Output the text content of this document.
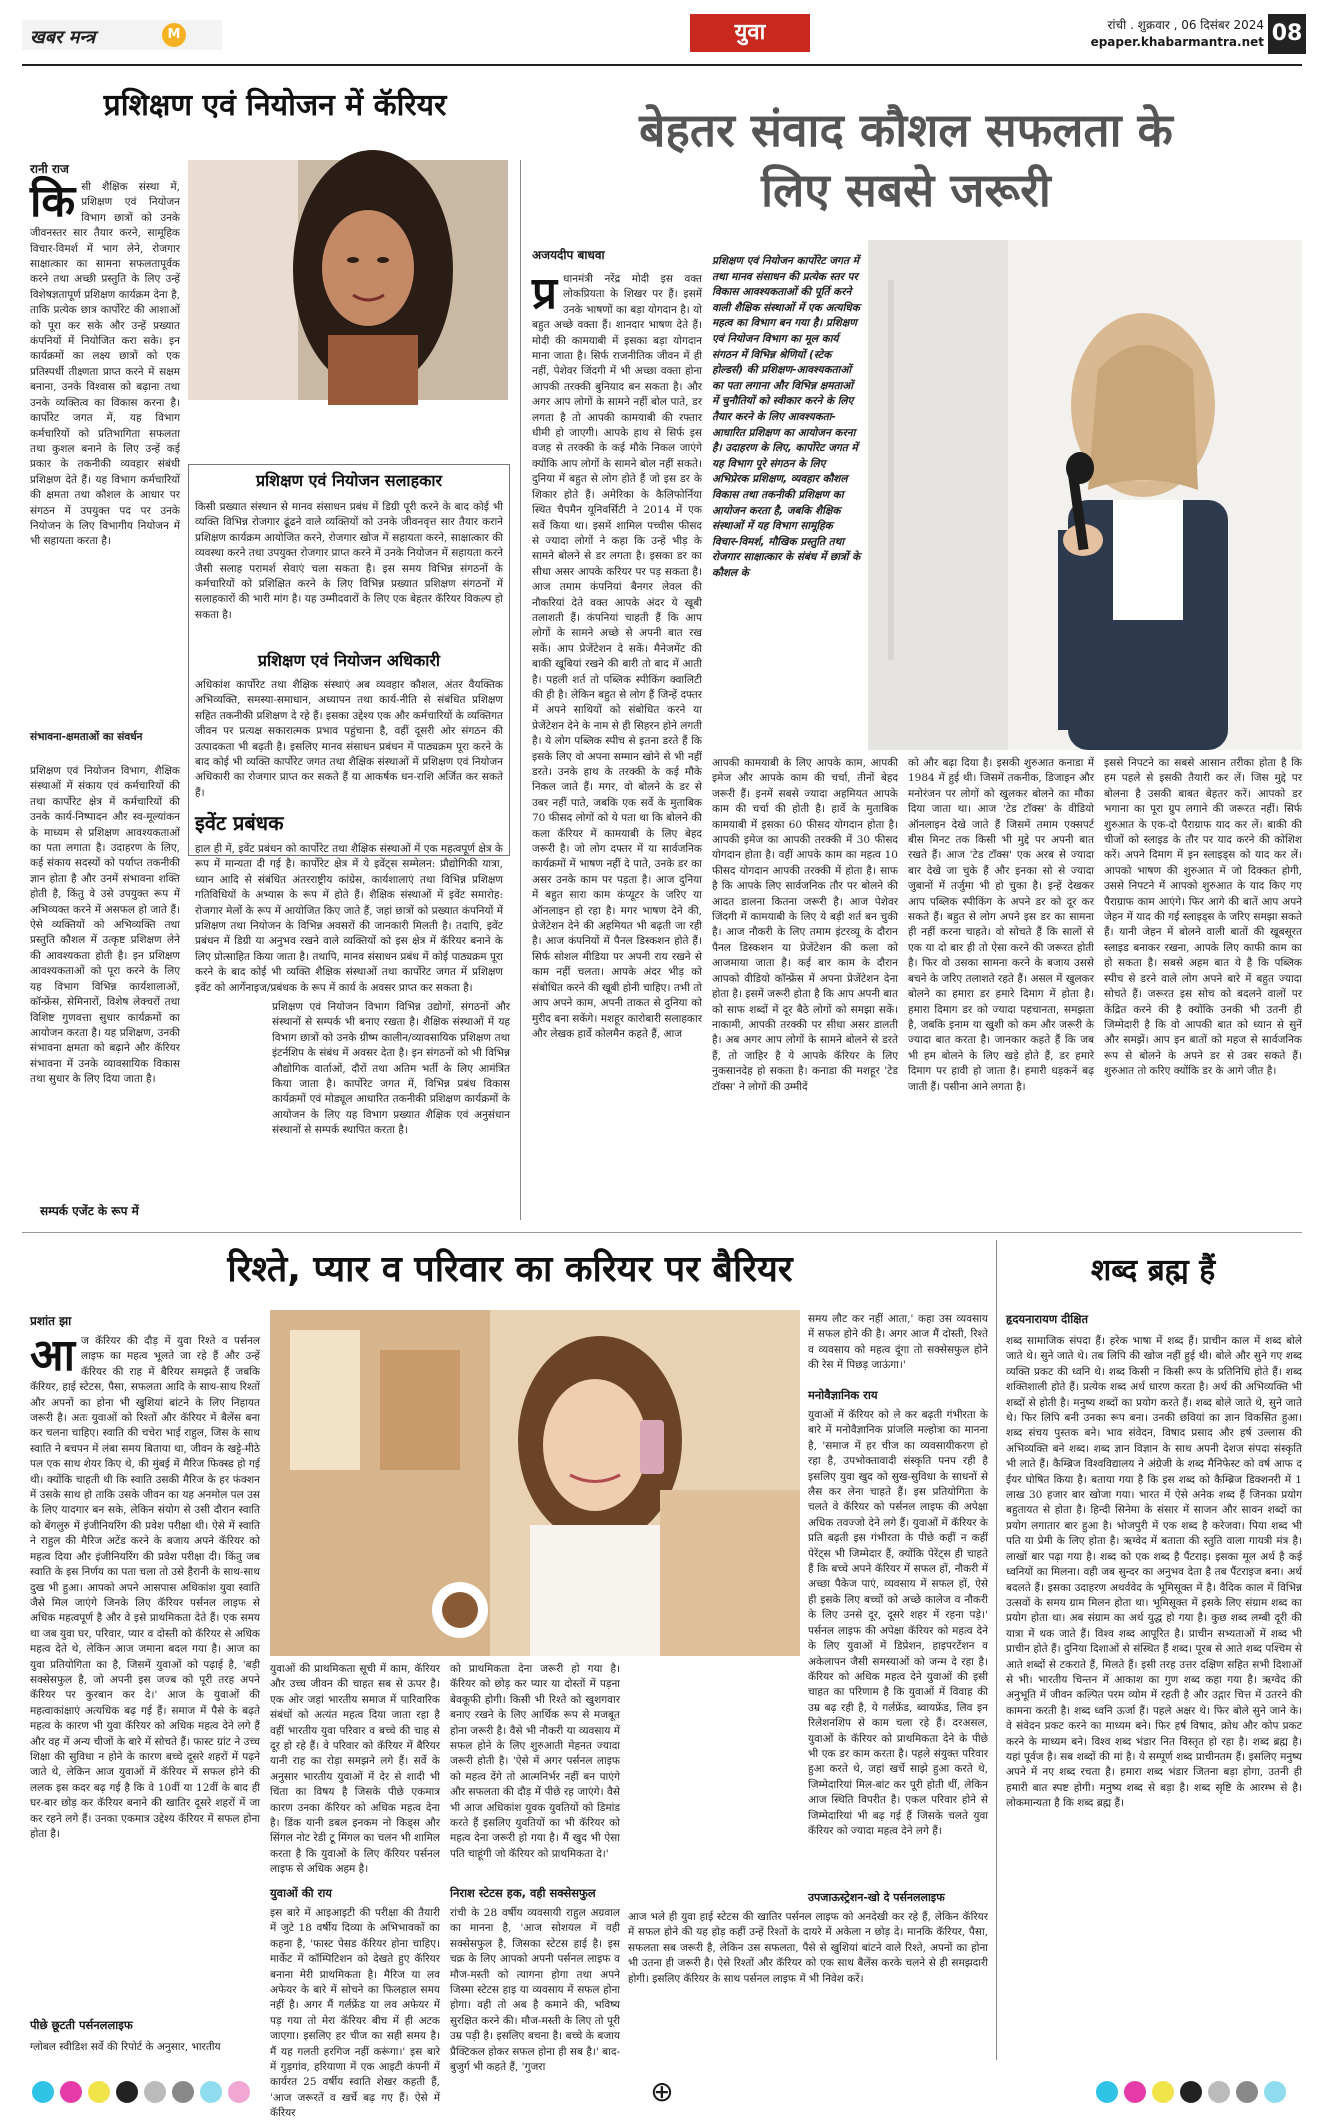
खबर मन्त्र	M	युवा	रांची . शुक्रवार , 06 दिसंबर 2024
epaper.khabarmantra.net 08
प्रशिक्षण एवं नियोजन में कॅरियर
रानी राज
कि सी शैक्षिक संस्था में, प्रशिक्षण एवं नियोजन विभाग छात्रों को उनके जीवनस्तर सार तैयार करने, सामूहिक विचार-विमर्श में भाग लेने, रोजगार साक्षात्कार का सामना सफलतापूर्वक करने तथा अच्छी प्रस्तुति के लिए उन्हें विशेषज्ञतापूर्ण प्रशिक्षण कार्यक्रम देना है, ताकि प्रत्येक छात्र कार्पोरेट की आशाओं को पूरा कर सके और उन्हें प्रख्यात कंपनियों में नियोजित करा सके। इन कार्यक्रमों का लक्ष्य छात्रों को एक प्रतिस्पर्धी तीक्ष्णता प्राप्त करने में सक्षम बनाना, उनके विश्वास को बढ़ाना तथा उनके व्यक्तित्व का विकास करना है। कार्पोरेट जगत में, यह विभाग कर्मचारियों को प्रतिभागिता सफलता तथा कुशल बनाने के लिए उन्हें कई प्रकार के तकनीकी व्यवहार संबंधी प्रशिक्षण देते हैं। यह विभाग कर्मचारियों की क्षमता तथा कौशल के आधार पर संगठन में उपयुक्त पद पर उनके नियोजन के लिए विभागीय नियोजन में भी सहायता करता है।
संभावना-क्षमताओं का संवर्धन
प्रशिक्षण एवं नियोजन विभाग, शैक्षिक संस्थाओं में संकाय एवं कर्मचारियों की तथा कार्पोरेट क्षेत्र में कर्मचारियों की उनके कार्य-निष्पादन और स्व-मूल्यांकन के माध्यम से प्रशिक्षण आवश्यकताओं का पता लगाता है। उदाहरण के लिए, कई संकाय सदस्यों को पर्याप्त तकनीकी ज्ञान होता है और उनमें संभावना शक्ति होती है, किंतु वे उसे उपयुक्त रूप में अभिव्यक्त करने में असफल हो जाते हैं। ऐसे व्यक्तियों को अभिव्यक्ति तथा प्रस्तुति कौशल में उत्कृष्ट प्रशिक्षण लेने की आवश्यकता होती है। इन प्रशिक्षण आवश्यकताओं को पूरा करने के लिए यह विभाग विभिन्न कार्यशालाओं, कॉन्फ्रेंस, सेमिनारों, विशेष लेक्चरों तथा विशिष्ट गुणवत्ता सुधार कार्यक्रमों का आयोजन करता है। यह प्रशिक्षण, उनकी संभावना क्षमता को बढ़ाने और कॅरियर संभावना में उनके व्यावसायिक विकास तथा सुधार के लिए दिया जाता है।
प्रशिक्षण एवं नियोजन सलाहकार
किसी प्रख्यात संस्थान से मानव संसाधन प्रबंध में डिग्री पूरी करने के बाद कोई भी व्यक्ति विभिन्न रोजगार ढूंढने वाले व्यक्तियों को उनके जीवनवृत्त सार तैयार कराने प्रशिक्षण कार्यक्रम आयोजित करने, रोजगार खोज में सहायता करने, साक्षात्कार की व्यवस्था करने तथा उपयुक्त रोजगार प्राप्त करने में उनके नियोजन में सहायता करने जैसी सलाह परामर्श सेवाएं चला सकता है। इस समय विभिन्न संगठनों के कर्मचारियों को प्रशिक्षित करने के लिए विभिन्न प्रख्यात प्रशिक्षण संगठनों में सलाहकारों की भारी मांग है। यह उम्मीदवारों के लिए एक बेहतर कॅरियर विकल्प हो सकता है।
प्रशिक्षण एवं नियोजन अधिकारी
अधिकांश कार्पोरेट तथा शैक्षिक संस्थाएं अब व्यवहार कौशल, अंतर वैयक्तिक अभिव्यक्ति, समस्या-समाधान, अध्यापन तथा कार्य-नीति से संबंधित प्रशिक्षण सहित तकनीकी प्रशिक्षण दे रहे हैं। इसका उद्देश्य एक और कर्मचारियों के व्यक्तिगत जीवन पर प्रत्यक्ष सकारात्मक प्रभाव पहुंचाना है, वहीं दूसरी ओर संगठन की उत्पादकता भी बढ़ती है। इसलिए मानव संसाधन प्रबंधन में पाठ्यक्रम पूरा करने के बाद कोई भी व्यक्ति कार्पोरेट जगत तथा शैक्षिक संस्थाओं में प्रशिक्षण एवं नियोजन अधिकारी का रोजगार प्राप्त कर सकते हैं या आकर्षक धन-राशि अर्जित कर सकते हैं।
इवेंट प्रबंधक
हाल ही में, इवेंट प्रबंधन को कार्पोरेट तथा शैक्षिक संस्थाओं में एक महत्वपूर्ण क्षेत्र के रूप में मान्यता दी गई है। कार्पोरेट क्षेत्र में ये इवेंट्स सम्मेलन: प्रौद्योगिकी यात्रा, ध्यान आदि से संबंधित अंतरराष्ट्रीय कांग्रेस, कार्यशालाएं तथा विभिन्न प्रशिक्षण गतिविधियों के अभ्यास के रूप में होते हैं। शैक्षिक संस्थाओं में इवेंट समारोह: रोजगार मेलों के रूप में आयोजित किए जाते हैं, जहां छात्रों को प्रख्यात कंपनियों में प्रशिक्षण तथा नियोजन के विभिन्न अवसरों की जानकारी मिलती है। तदापि, इवेंट प्रबंधन में डिग्री या अनुभव रखने वाले व्यक्तियों को इस क्षेत्र में कॅरियर बनाने के लिए प्रोत्साहित किया जाता है। तथापि, मानव संसाधन प्रबंध में कोई पाठ्यक्रम पूरा करने के बाद कोई भी व्यक्ति शैक्षिक संस्थाओं तथा कार्पोरेट जगत में प्रशिक्षण इवेंट को आर्गेनाइज/प्रबंधक के रूप में कार्य के अवसर प्राप्त कर सकता है।
प्रशिक्षण एवं नियोजन विभाग विभिन्न उद्योगों, संगठनों और संस्थानों से सम्पर्क भी बनाए रखता है। शैक्षिक संस्थाओं में यह विभाग छात्रों को उनके ग्रीष्म कालीन/व्यावसायिक प्रशिक्षण तथा इंटर्नशिप के संबंध में अवसर देता है। इन संगठनों को भी विभिन्न औद्योगिक वार्ताओं, दौरों तथा अतिम भर्ती के लिए आमंत्रित किया जाता है। कार्पोरेट जगत में, विभिन्न प्रबंध विकास कार्यक्रमों एवं मोड्यूल आधारित तकनीकी प्रशिक्षण कार्यक्रमों के आयोजन के लिए यह विभाग प्रख्यात शैक्षिक एवं अनुसंधान संस्थानों से सम्पर्क स्थापित करता है।
सम्पर्क एजेंट के रूप में
बेहतर संवाद कौशल सफलता के
लिए सबसे जरूरी
अजयदीप बाधवा
प्र धानमंत्री नरेंद्र मोदी इस वक्त लोकप्रियता के शिखर पर हैं। इसमें उनके भाषणों का बड़ा योगदान है। यो बहुत अच्छे वक्ता हैं। शानदार भाषण देते हैं। मोदी की कामयाबी में इसका बड़ा योगदान माना जाता है। सिर्फ राजनीतिक जीवन में ही नहीं, पेशेवर जिंदगी में भी अच्छा वक्ता होना आपकी तरक्की बुनियाद बन सकता है। और अगर आप लोगों के सामने नहीं बोल पाते, डर लगता है तो आपकी कामयाबी की रफ्तार धीमी हो जाएगी। आपके हाथ से सिर्फ इस वजह से तरक्की के कई मौके निकल जाएंगे क्योंकि आप लोगों के सामने बोल नहीं सकते। दुनिया में बहुत से लोग होते हैं जो इस डर के शिकार होते हैं। अमेरिका के कैलिफोर्निया स्थित चैपमैन यूनिवर्सिटी ने 2014 में एक सर्वे किया था। इसमें शामिल पच्चीस फीसद से ज्यादा लोगों ने कहा कि उन्हें भीड़ के सामने बोलने से डर लगता है। इसका डर का सीधा असर आपके करियर पर पड़ सकता है। आज तमाम कंपनियां बैनगर लेवल की नौकरियां देते वक्त आपके अंदर ये खूबी तलाशती हैं। कंपनियां चाहती हैं कि आप लोगों के सामने अच्छे से अपनी बात रख सकें। आप प्रेजेंटेशन दे सकें। मैनेजमेंट की बाकी खूबियां रखने की बारी तो बाद में आती है। पहली शर्त तो पब्लिक स्पीकिंग क्वालिटी की ही है। लेकिन बहुत से लोग हैं जिन्हें दफ्तर में अपने साथियों को संबोधित करने या प्रेजेंटेशन देने के नाम से ही सिहरन होने लगती है। ये लोग पब्लिक स्पीच से इतना डरते हैं कि इसके लिए वो अपना सम्मान खोने से भी नहीं डरते। उनके हाथ के तरक्की के कई मौके निकल जाते हैं। मगर, वो बोलने के डर से उबर नहीं पाते, जबकि एक सर्वे के मुताबिक 70 फीसद लोगों को ये पता था कि बोलने की कला कॅरियर में कामयाबी के लिए बेहद जरूरी है। जो लोग दफ्तर में या सार्वजनिक कार्यक्रमों में भाषण नहीं दे पाते, उनके डर का असर उनके काम पर पड़ता है। आज दुनिया में बहुत सारा काम कंप्यूटर के जरिए या ऑनलाइन हो रहा है। मगर भाषण देने की, प्रेजेंटेशन देने की अहमियत भी बढ़ती जा रही है। आज कंपनियों में पैनल डिस्कशन होते हैं। सिर्फ सोशल मीडिया पर अपनी राय रखने से काम नहीं चलता। आपके अंदर भीड़ को संबोधित करने की खूबी होनी चाहिए। तभी तो आप अपने काम, अपनी ताकत से दुनिया को मुरीद बना सकेंगे। मशहूर कारोबारी सलाहकार और लेखक हार्वे कोलमैन कहते हैं, आज
प्रशिक्षण एवं नियोजन कार्पोरेट जगत में तथा मानव संसाधन की प्रत्येक स्तर पर विकास आवश्यकताओं की पूर्ति करने वाली शैक्षिक संस्थाओं में एक अत्यधिक महत्व का विभाग बन गया है। प्रशिक्षण एवं नियोजन विभाग का मूल कार्य संगठन में विभिन्न श्रेणियों (स्टेक होल्डर्स) की प्रशिक्षण-आवश्यकताओं का पता लगाना और विभिन्न क्षमताओं में चुनौतियों को स्वीकार करने के लिए तैयार करने के लिए आवश्यकता-आधारित प्रशिक्षण का आयोजन करना है। उदाहरण के लिए, कार्पोरेट जगत में यह विभाग पूरे संगठन के लिए अभिप्रेरक प्रशिक्षण, व्यवहार कौशल विकास तथा तकनीकी प्रशिक्षण का आयोजन करता है, जबकि शैक्षिक संस्थाओं में यह विभाग सामूहिक विचार-विमर्श, मौखिक प्रस्तुति तथा रोजगार साक्षात्कार के संबंध में छात्रों के कौशल के
आपकी कामयाबी के लिए आपके काम, आपकी इमेज और आपके काम की चर्चा, तीनों बेहद जरूरी हैं। इनमें सबसे ज्यादा अहमियत आपके काम की चर्चा की होती है। हार्वे के मुताबिक कामयाबी में इसका 60 फीसद योगदान होता है। आपकी इमेज का आपकी तरक्की में 30 फीसद योगदान होता है। वहीं आपके काम का महत्व 10 फीसद योगदान आपकी तरक्की में होता है। साफ है कि आपके लिए सार्वजनिक तौर पर बोलने की आदत डालना कितना जरूरी है। आज पेशेवर जिंदगी में कामयाबी के लिए ये बड़ी शर्त बन चुकी है। आज नौकरी के लिए तमाम इंटरव्यू के दौरान पैनल डिस्कशन या प्रेजेंटेशन की कला को आजमाया जाता है। कई बार काम के दौरान आपको वीडियो कॉन्फ्रेंस में अपना प्रेजेंटेशन देना होता है। इसमें जरूरी होता है कि आप अपनी बात को साफ शब्दों में दूर बैठे लोगों को समझा सकें। नाकामी, आपकी तरक्की पर सीधा असर डालती है। अब अगर आप लोगों के सामने बोलने से डरते हैं, तो जाहिर है ये आपके कॅरियर के लिए नुकसानदेह हो सकता है। कनाडा की मशहूर 'टेड टॉक्स' ने लोगों की उम्मीदें
को और बढ़ा दिया है। इसकी शुरुआत कनाडा में 1984 में हुई थी। जिसमें तकनीक, डिजाइन और मनोरंजन पर लोगों को खुलकर बोलने का मौका दिया जाता था। आज 'टेड टॉक्स' के वीडियो ऑनलाइन देखे जाते हैं जिसमें तमाम एक्सपर्ट बीस मिनट तक किसी भी मुद्दे पर अपनी बात रखते हैं। आज 'टेड टॉक्स' एक अरब से ज्यादा बार देखे जा चुके हैं और इनका सो से ज्यादा जुबानों में तर्जुमा भी हो चुका है। इन्हें देखकर आप पब्लिक स्पीकिंग के अपने डर को दूर कर सकते हैं। बहुत से लोग अपने इस डर का सामना ही नहीं करना चाहते। वो सोचते हैं कि सालों से एक या दो बार ही तो ऐसा करने की जरूरत होती है। फिर वो उसका सामना करने के बजाय उससे बचने के जरिए तलाशते रहते हैं। असल में खुलकर बोलने का हमारा डर हमारे दिमाग में होता है। हमारा दिमाग डर को ज्यादा पहचानता, समझता है, जबकि इनाम या खुशी को कम और जरूरी के ज्यादा बात करता है। जानकार कहते हैं कि जब भी हम बोलने के लिए खड़े होते हैं, डर हमारे दिमाग पर हावी हो जाता है। हमारी धड़कनें बढ़ जाती हैं। पसीना आने लगता है।
इससे निपटने का सबसे आसान तरीका होता है कि हम पहले से इसकी तैयारी कर लें। जिस मुद्दे पर बोलना है उसकी बाबत बेहतर करें। आपको डर भगाना का पूरा ग्रुप लगाने की जरूरत नहीं। सिर्फ शुरुआत के एक-दो पैराग्राफ याद कर लें। बाकी की चीजों को स्लाइड के तौर पर याद करने की कोशिश करें। अपने दिमाग में इन स्लाइड्स को याद कर लें। आपको भाषण की शुरुआत में जो दिक्कत होगी, उससे निपटने में आपको शुरुआत के याद किए गए पैराग्राफ काम आएंगे। फिर आगे की बातें आप अपने जेहन में याद की गई स्लाइड्स के जरिए समझा सकते हैं। यानी जेहन में बोलने वाली बातों की खूबसूरत स्लाइड बनाकर रखना, आपके लिए काफी काम का हो सकता है। सबसे अहम बात ये है कि पब्लिक स्पीच से डरने वाले लोग अपने बारे में बहुत ज्यादा सोचते हैं। जरूरत इस सोच को बदलने वालों पर केंद्रित करने की है क्योंकि उनकी भी उतनी ही जिम्मेदारी है कि वो आपकी बात को ध्यान से सुनें और समझें। आप इन बातों को महज से सार्वजनिक रूप से बोलने के अपने डर से उबर सकते हैं। शुरुआत तो करिए क्योंकि डर के आगे जीत है।
रिश्ते, प्यार व परिवार का करियर पर बैरियर
प्रशांत झा
आ ज कॅरियर की दौड़ में युवा रिश्ते व पर्सनल लाइफ का महत्व भूलते जा रहे हैं और उन्हें कॅरियर की राह में बैरियर समझते हैं जबकि कॅरियर, हाई स्टेटस, पैसा, सफलता आदि के साथ-साथ रिश्तों और अपनों का होना भी खुशियां बांटने के लिए निहायत जरूरी है। अतः युवाओं को रिश्तों और कॅरियर में बैलेंस बना कर चलना चाहिए। स्वाति की चचेरा भाई राहुल, जिस के साथ स्वाति ने बचपन में लंबा समय बिताया था, जीवन के खट्टे-मीठे पल एक साथ शेयर किए थे, की मुंबई में मैरिज फिक्स्ड हो गई थी। क्योंकि चाहती थी कि स्वाति उसकी मैरिज के हर फंक्शन में उसके साथ हो ताकि उसके जीवन का यह अनमोल पल उस के लिए यादगार बन सके, लेकिन संयोग से उसी दौरान स्वाति को बेंगलुरु में इंजीनियरिंग की प्रवेश परीक्षा थी। ऐसे में स्वाति ने राहुल की मैरिज अटेंड करने के बजाय अपने कॅरियर को महत्व दिया और इंजीनियरिंग की प्रवेश परीक्षा दी। किंतु जब स्वाति के इस निर्णय का पता चला तो उसे हैरानी के साथ-साथ दुख भी हुआ। आपको अपने आसपास अधिकांश युवा स्वाति जैसे मिल जाएंगे जिनके लिए कॅरियर पर्सनल लाइफ से अधिक महत्वपूर्ण है और वे इसे प्राथमिकता देते हैं। एक समय था जब युवा घर, परिवार, प्यार व दोस्ती को कॅरियर से अधिक महत्व देते थे, लेकिन आज जमाना बदल गया है। आज का युवा प्रतियोगिता का है, जिसमें युवाओं को पढ़ाई है, 'बड़ी सक्सेसफुल है, जो अपनी इस जज्ब को पूरी तरह अपने कॅरियर पर कुरबान कर दे।' आज के युवाओं की महत्वाकांक्षाएं अत्यधिक बढ़ गई हैं। समाज में पैसे के बढ़ते महत्व के कारण भी युवा कॅरियर को अधिक महत्व देने लगे हैं और वह में अन्य चीजों के बारे में सोचते हैं। फास्ट ग्रांट ने उच्च शिक्षा की सुविधा न होने के कारण बच्चे दूसरे शहरों में पढ़ने जाते थे, लेकिन आज युवाओं में कॅरियर में सफल होने की ललक इस कदर बढ़ गई है कि वे 10वीं या 12वीं के बाद ही घर-बार छोड़ कर कॅरियर बनाने की खातिर दूसरे शहरों में जा कर रहने लगे हैं। उनका एकमात्र उद्देश्य कॅरियर में सफल होना होता है।
पीछे छूटती पर्सनललाइफ
ग्लोबल स्वीडिश सर्वे की रिपोर्ट के अनुसार, भारतीय
युवाओं की प्राथमिकता सूची में काम, कॅरियर और उच्च जीवन की चाहत सब से ऊपर है। एक ओर जहां भारतीय समाज में पारिवारिक संबंधों को अत्यंत महत्व दिया जाता रहा है वहीं भारतीय युवा परिवार व बच्चे की चाह से दूर हो रहे हैं। वे परिवार को कॅरियर में बैरियर यानी राह का रोड़ा समझने लगे हैं। सर्वे के अनुसार भारतीय युवाओं में देर से शादी भी चिंता का विषय है जिसके पीछे एकमात्र कारण उनका कॅरियर को अधिक महत्व देना है। डिंक यानी डबल इनकम नो किड्स और सिंगल नोट रेडी टू मिंगल का चलन भी शामिल करता है कि युवाओं के लिए कॅरियर पर्सनल लाइफ से अधिक अहम है।
युवाओं की राय
इस बारे में आइआइटी की परीक्षा की तैयारी में जुटे 18 वर्षीय दिव्या के अभिभावकों का कहना है, 'फास्ट पेसड कॅरियर होना चाहिए। मार्केट में कॉम्पिटिशन को देखते हुए कॅरियर बनाना मेरी प्राथमिकता है। मैरिज या लव अफेयर के बारे में सोचने का फिलहाल समय नहीं है। अगर मैं गर्लफ्रेंड या लव अफेयर में पड़ गया तो मेरा कॅरियर बीच में ही अटक जाएगा। इसलिए हर चीज का सही समय है। मैं यह गलती हरगिज नहीं करूंगा।' इस बारे में गुड़गांव, हरियाणा में एक आइटी कंपनी में कार्यरत 25 वर्षीय स्वाति शेखर कहती हैं, 'आज जरूरतें व खर्चे बढ़ गए हैं। ऐसे में कॅरियर
को प्राथमिकता देना जरूरी हो गया है। कॅरियर को छोड़ कर प्यार या दोस्तों में पड़ना बेवकूफी होगी। किसी भी रिश्ते को खुशगवार बनाए रखने के लिए आर्थिक रूप से मजबूत होना जरूरी है। वैसे भी नौकरी या व्यवसाय में सफल होने के लिए शुरुआती मेहनत ज्यादा जरूरी होती है। 'ऐसे में अगर पर्सनल लाइफ को महत्व देंगे तो आत्मनिर्भर नहीं बन पाएंगे और सफलता की दौड़ में पीछे रह जाएंगे। वैसे भी आज अधिकांश युवक युवतियों को डिमांड करते हैं इसलिए युवतियों का भी कॅरियर को महत्व देना जरूरी हो गया है। मैं खुद भी ऐसा पति चाहूंगी जो कॅरियर को प्राथमिकता दे।'
निराश स्टेटस हक, वही सक्सेसफुल
रांची के 28 वर्षीय व्यवसायी राहुल अग्रवाल का मानना है, 'आज सोशयल में वही सक्सेसफुल है, जिसका स्टेटस हाई है। इस चक्र के लिए आपको अपनी पर्सनल लाइफ व मौज-मस्ती को त्यागना होगा तथा अपने जिस्मा स्टेटस हाइ या व्यवसाय में सफल होना होगा। वही तो अब है कमाने की, भविष्य सुरक्षित करने की। मौज-मस्ती के लिए तो पूरी उम्र पड़ी है। इसलिए बचना है। बच्चे के बजाय प्रैक्टिकल होकर सफल होना ही सब है।' बाद-बुजुर्ग भी कहते हैं, 'गुजरा
समय लौट कर नहीं आता,' कहा उस व्यवसाय में सफल होने की है। अगर आज मैं दोस्ती, रिश्ते व व्यवसाय को महत्व दूंगा तो सक्सेसफुल होने की रेस में पिछड़ जाऊंगा।'
मनोवैज्ञानिक राय
युवाओं में कॅरियर को ले कर बढ़ती गंभीरता के बारे में मनोवैज्ञानिक प्रांजलि मल्होत्रा का मानना है, 'समाज में हर चीज का व्यवसायीकरण हो रहा है, उपभोक्तावादी संस्कृति पनप रही है इसलिए युवा खुद को सुख-सुविधा के साधनों से लैस कर लेना चाहते हैं। इस प्रतियोगिता के चलते वे कॅरियर को पर्सनल लाइफ की अपेक्षा अधिक तवज्जो देने लगे हैं। युवाओं में कॅरियर के प्रति बढ़ती इस गंभीरता के पीछे कहीं न कहीं पेरेंट्स भी जिम्मेदार हैं, क्योंकि पेरेंट्स ही चाहते हैं कि बच्चे अपने कॅरियर में सफल हों, नौकरी में अच्छा पैकेज पाएं, व्यवसाय में सफल हों, ऐसे ही इसके लिए बच्चों को अच्छे कालेज व नौकरी के लिए उनसे दूर, दूसरे शहर में रहना पड़े।' पर्सनल लाइफ की अपेक्षा कॅरियर को महत्व देने के लिए युवाओं में डिप्रेशन, हाइपरटेंशन व अकेलापन जैसी समस्याओं को जन्म दे रहा है। कॅरियर को अधिक महत्व देने युवाओं की इसी चाहत का परिणाम है कि युवाओं में विवाह की उम्र बढ़ रही है, ये गर्लफ्रेंड, ब्वायफ्रेंड, लिव इन रिलेशनशिप से काम चला रहे हैं। दरअसल, युवाओं के कॅरियर को प्राथमिकता देने के पीछे भी एक डर काम करता है। पहले संयुक्त परिवार हुआ करते थे, जहां खर्चे साझे हुआ करते थे, जिम्मेदारियां मिल-बांट कर पूरी होती थीं, लेकिन आज स्थिति विपरीत है। एकल परिवार होने से जिम्मेदारियां भी बढ़ गई हैं जिसके चलते युवा कॅरियर को ज्यादा महत्व देने लगे हैं।
उपजाऊस्ट्रेशन-खो दे पर्सनललाइफ
आज भले ही युवा हाई स्टेटस की खातिर पर्सनल लाइफ को अनदेखी कर रहे हैं, लेकिन कॅरियर में सफल होने की यह होड़ कहीं उन्हें रिश्तों के दायरे में अकेला न छोड़ दे। मानकि कॅरियर, पैसा, सफलता सब जरूरी है, लेकिन उस सफलता, पैसे से खुशियां बांटने वाले रिश्ते, अपनों का होना भी उतना ही जरूरी है। ऐसे रिश्तों और कॅरियर को एक साथ बैलेंस करके चलने से ही समझदारी होगी। इसलिए कॅरियर के साथ पर्सनल लाइफ में भी निवेश करें।
शब्द ब्रह्म हैं
हृदयनारायण दीक्षित
शब्द सामाजिक संपदा हैं। हरेक भाषा में शब्द हैं। प्राचीन काल में शब्द बोले जाते थे। सुने जाते थे। तब लिपि की खोज नहीं हुई थी। बोले और सुने गए शब्द व्यक्ति प्रकट की ध्वनि थे। शब्द किसी न किसी रूप के प्रतिनिधि होते हैं। शब्द शक्तिशाली होते हैं। प्रत्येक शब्द अर्थ धारण करता है। अर्थ की अभिव्यक्ति भी शब्दों से होती है। मनुष्य शब्दों का प्रयोग करते हैं। शब्द बोले जाते थे, सुने जाते थे। फिर लिपि बनी उनका रूप बना। उनकी छवियां का ज्ञान विकसित हुआ। शब्द संचय पुस्तक बने। भाव संवेदन, विषाद प्रसाद और हर्ष उल्लास की अभिव्यक्ति बने शब्द। शब्द ज्ञान विज्ञान के साथ अपनी देशज संपदा संस्कृति भी लाते हैं। कैम्ब्रिज विश्वविद्यालय ने अंग्रेजी के शब्द मैनिफेस्ट को वर्ष आफ द ईयर घोषित किया है। बताया गया है कि इस शब्द को कैम्ब्रिज डिक्शनरी में 1 लाख 30 हजार बार खोजा गया। भारत में ऐसे अनेक शब्द हैं जिनका प्रयोग बहुतायत से होता है। हिन्दी सिनेमा के संसार में साजन और सावन शब्दों का प्रयोग लगातार बार हुआ है। भोजपुरी में एक शब्द है करेजवा। पिया शब्द भी पति या प्रेमी के लिए होता है। ऋग्वेद में बताता की स्तुति वाला गायत्री मंत्र है। लाखों बार पढ़ा गया है। शब्द को एक शब्द है पैंटराइ। इसका मूल अर्थ है कई ध्वनियों का मिलना। वही जब सुन्दर का अनुभव देता है तब पैंटराइज बना। अर्थ बदलते हैं। इसका उदाहरण अथर्ववेद के भूमिसूक्त में है। वैदिक काल में विभिन्न उत्सवों के समय ग्राम मिलन होता था। भूमिसूक्त में इसके लिए संग्राम शब्द का प्रयोग होता था। अब संग्राम का अर्थ युद्ध हो गया है। कुछ शब्द लम्बी दूरी की यात्रा में थक जाते हैं। विश्व शब्द आपूरित है। प्राचीन सभ्यताओं में शब्द भी प्राचीन होते हैं। दुनिया दिशाओं से संस्थित हैं शब्द। पूरब से आते शब्द पश्चिम से आते शब्दों से टकराते हैं, मिलते हैं। इसी तरह उत्तर दक्षिण सहित सभी दिशाओं से भी। भारतीय चिन्तन में आकाश का गुण शब्द कहा गया है। ऋग्वेद की अनुभूति में जीवन कल्पित परम व्योम में रहती है और उद्गार चित्त में उतरने की कामना करती है। शब्द ध्वनि ऊर्जा हैं। पहले अक्षर थे। फिर बोले सुने जाने के। वे संवेदन प्रकट करने का माध्यम बने। फिर हर्ष विषाद, क्रोध और कोप प्रकट करने के माध्यम बने। विश्व शब्द भंडार नित विस्तृत हो रहा है। शब्द ब्रह्म है। यहां पूर्वज है। सब शब्दों की मां है। ये सम्पूर्ण शब्द प्राचीनतम हैं। इसलिए मनुष्य अपने में नए शब्द रचता है। हमारा शब्द भंडार जितना बड़ा होगा, उतनी ही हमारी बात स्पष्ट होगी। मनुष्य शब्द से बड़ा है। शब्द सृष्टि के आरम्भ से है। लोकमान्यता है कि शब्द ब्रह्म हैं।
⊕
